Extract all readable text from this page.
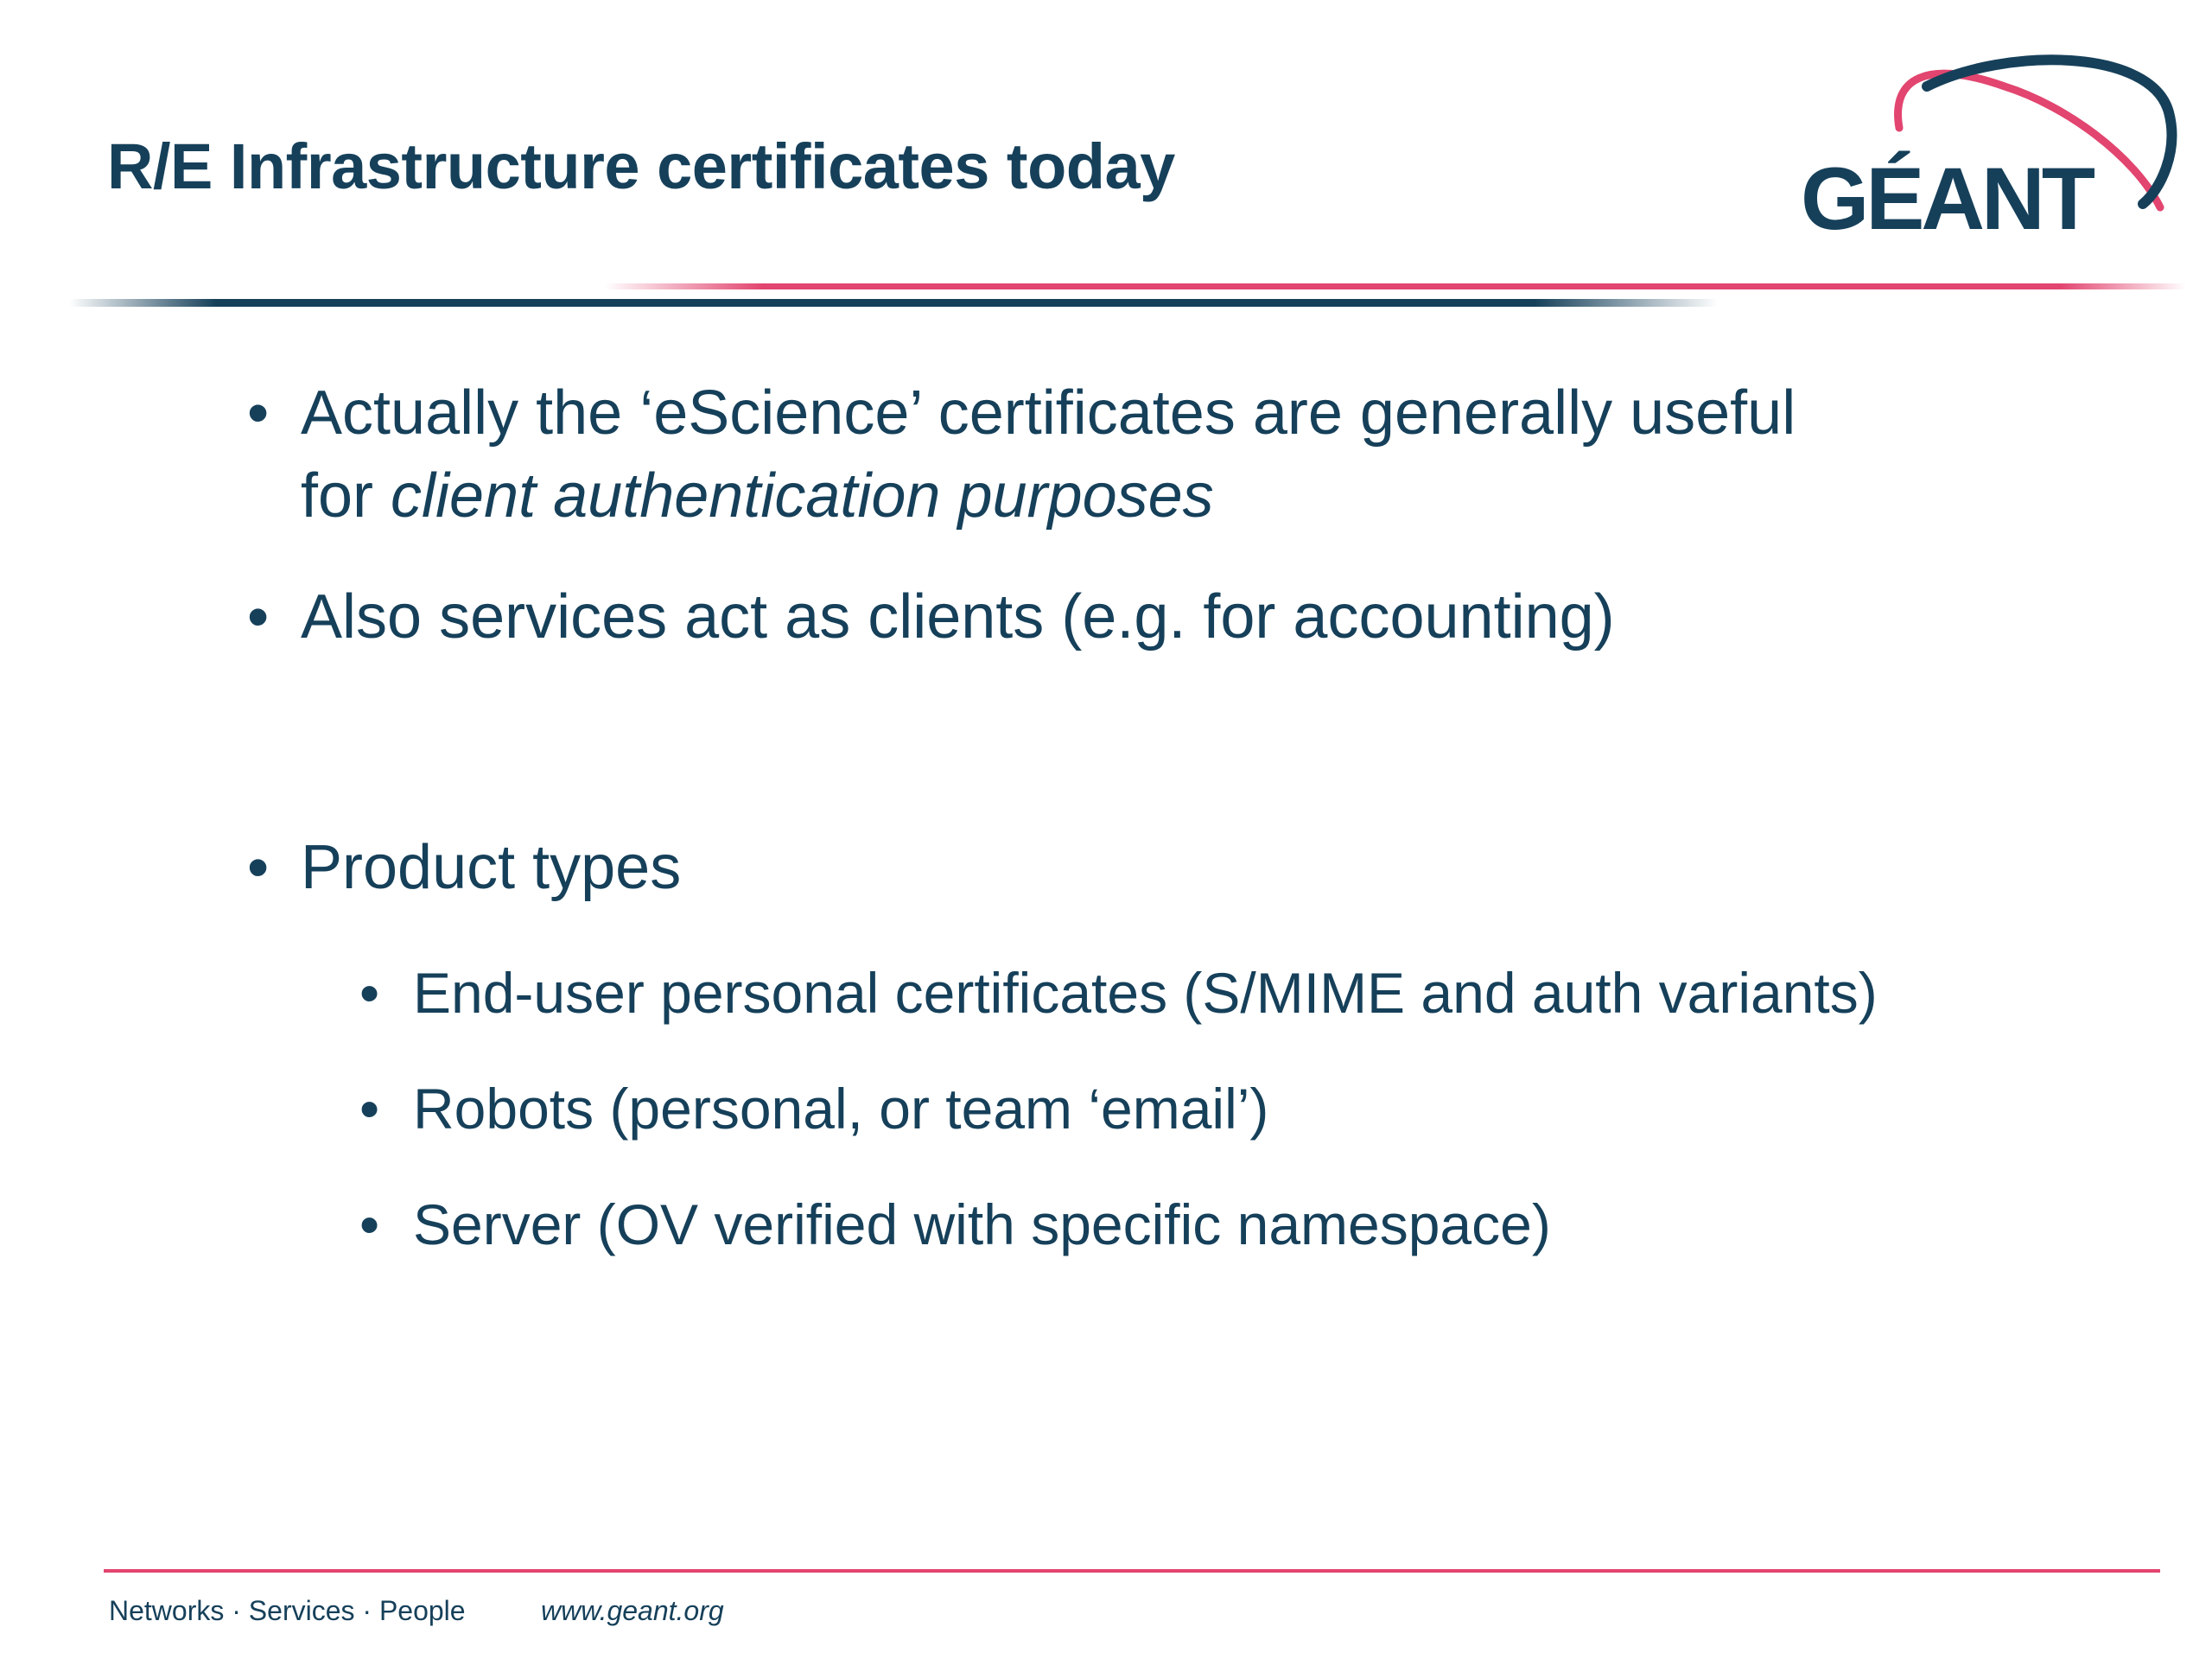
R/E Infrastructure certificates today	GÉANT
• Actually the ‘eScience’ certificates are generally useful
for client authentication purposes
• Also services act as clients (e.g. for accounting)
• Product types
• End-user personal certificates (S/MIME and auth variants)
• Robots (personal, or team ‘email’)
• Server (OV verified with specific namespace)
Networks · Services · People	www.geant.org
